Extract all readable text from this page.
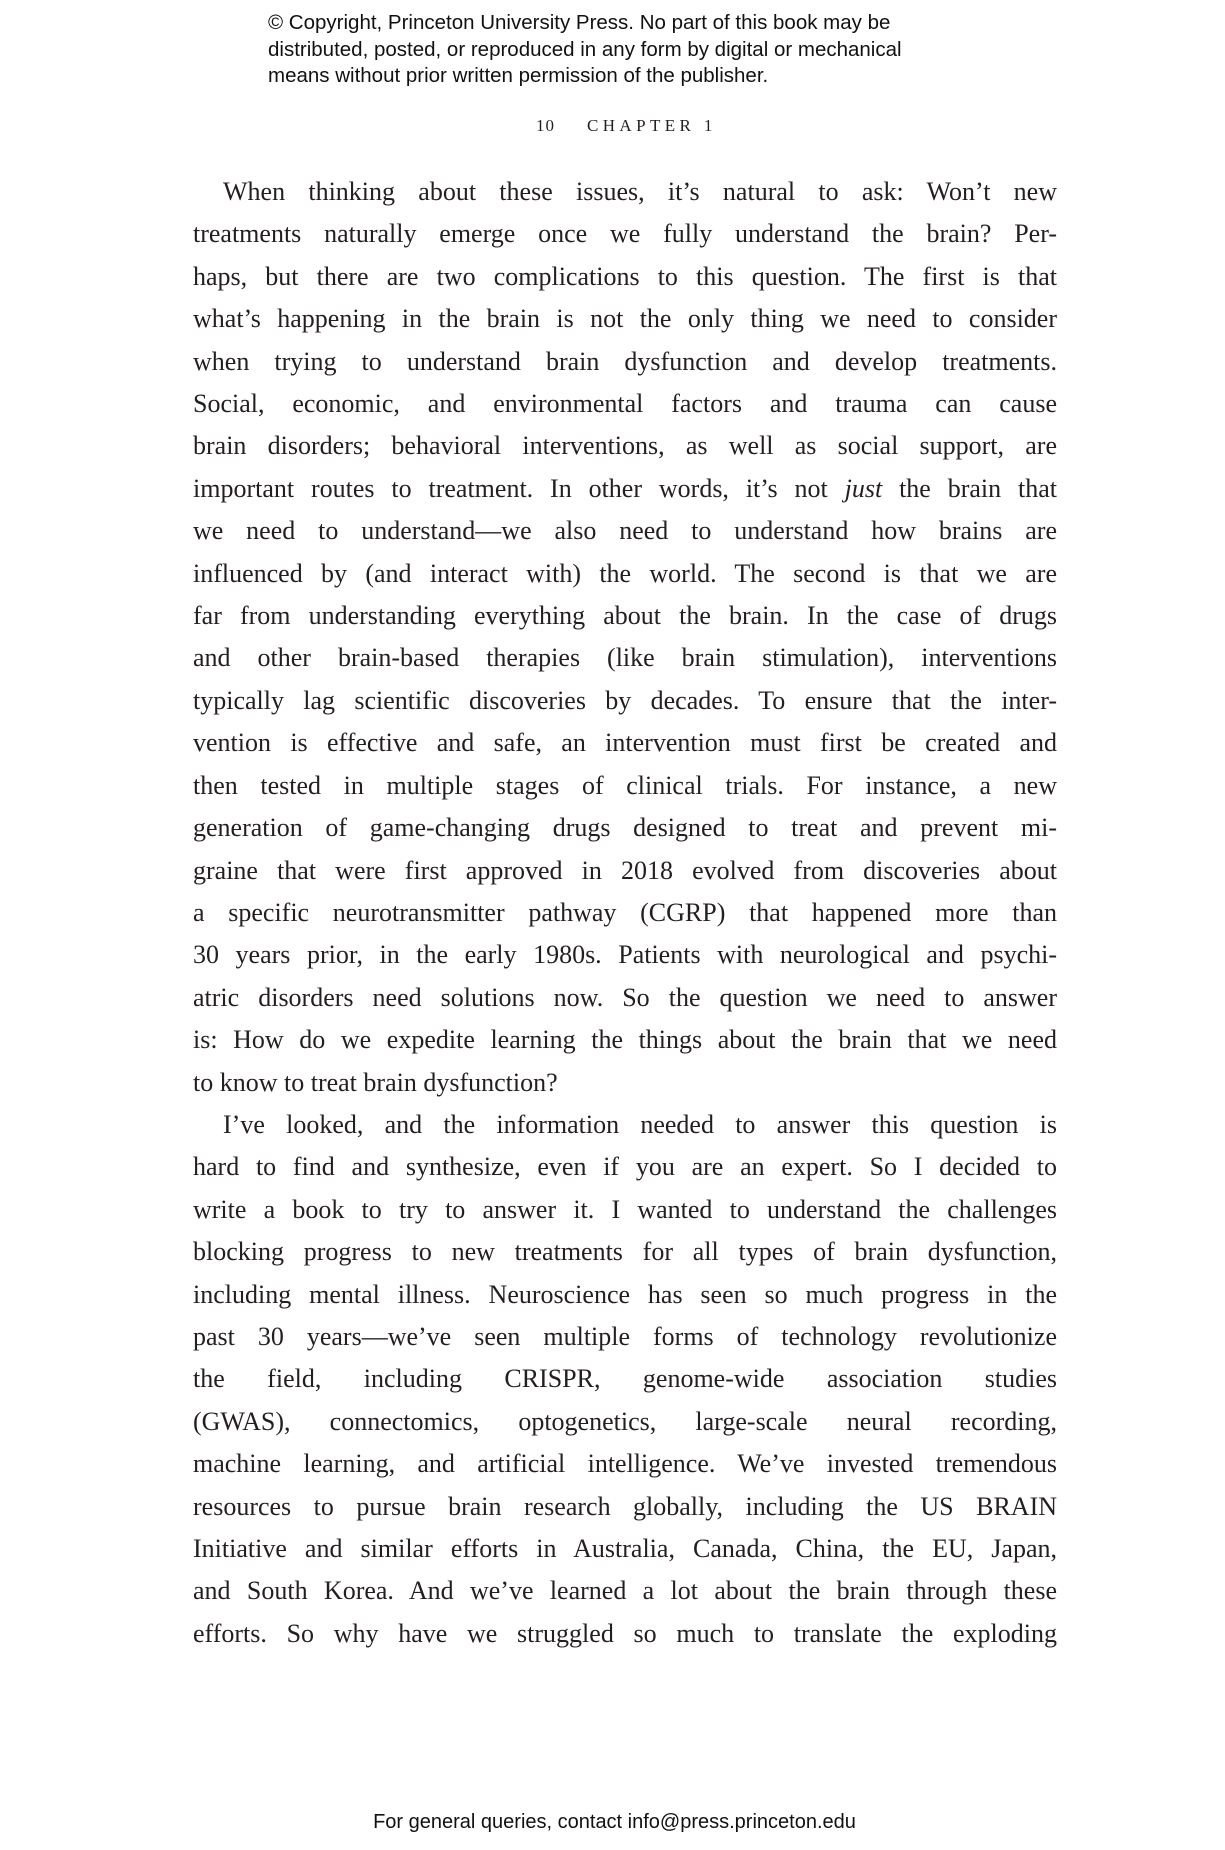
© Copyright, Princeton University Press. No part of this book may be
distributed, posted, or reproduced in any form by digital or mechanical
means without prior written permission of the publisher.
10 CHAPTER 1
When thinking about these issues, it’s natural to ask: Won’t new
treatments naturally emerge once we fully understand the brain? Per-
haps, but there are two complications to this question. The first is that
what’s happening in the brain is not the only thing we need to consider
when trying to understand brain dysfunction and develop treatments.
Social, economic, and environmental factors and trauma can cause
brain disorders; behavioral interventions, as well as social support, are
important routes to treatment. In other words, it’s not just the brain that
we need to understand—we also need to understand how brains are
influenced by (and interact with) the world. The second is that we are
far from understanding everything about the brain. In the case of drugs
and other brain-based therapies (like brain stimulation), interventions
typically lag scientific discoveries by decades. To ensure that the inter-
vention is effective and safe, an intervention must first be created and
then tested in multiple stages of clinical trials. For instance, a new
generation of game-changing drugs designed to treat and prevent mi-
graine that were first approved in 2018 evolved from discoveries about
a specific neurotransmitter pathway (CGRP) that happened more than
30 years prior, in the early 1980s. Patients with neurological and psychi-
atric disorders need solutions now. So the question we need to answer
is: How do we expedite learning the things about the brain that we need
to know to treat brain dysfunction?
I’ve looked, and the information needed to answer this question is
hard to find and synthesize, even if you are an expert. So I decided to
write a book to try to answer it. I wanted to understand the challenges
blocking progress to new treatments for all types of brain dysfunction,
including mental illness. Neuroscience has seen so much progress in the
past 30 years—we’ve seen multiple forms of technology revolutionize
the field, including CRISPR, genome-wide association studies
(GWAS), connectomics, optogenetics, large-scale neural recording,
machine learning, and artificial intelligence. We’ve invested tremendous
resources to pursue brain research globally, including the US BRAIN
Initiative and similar efforts in Australia, Canada, China, the EU, Japan,
and South Korea. And we’ve learned a lot about the brain through these
efforts. So why have we struggled so much to translate the exploding
For general queries, contact info@press.princeton.edu
